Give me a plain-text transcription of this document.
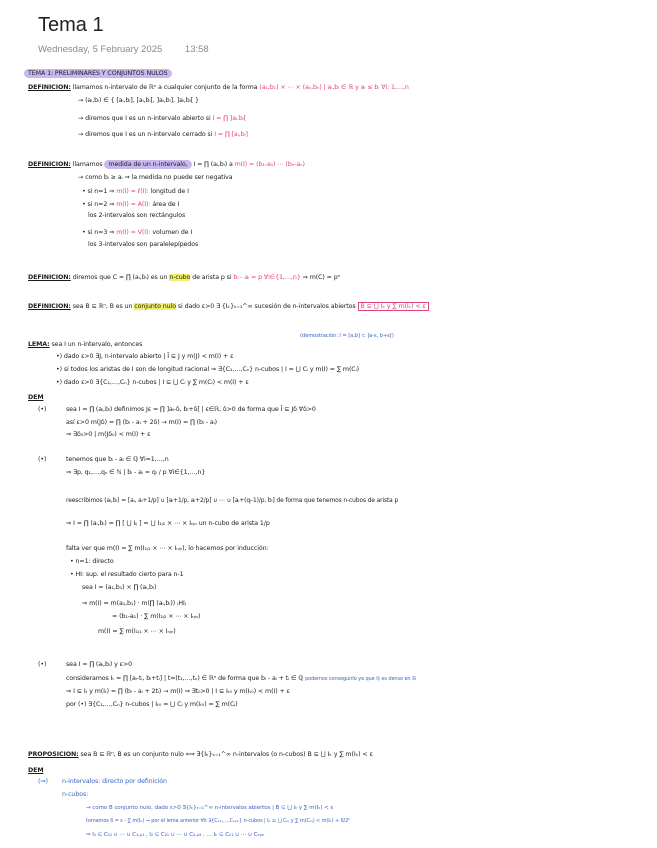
Tema 1
Wednesday, 5 February 2025 13:58
TEMA 1: PRELIMINARES Y CONJUNTOS NULOS
DEFINICION: llamamos n-intervalo de ℝⁿ a cualquier conjunto de la forma (a₁,b₁) × ⋯ × (aₙ,bₙ) | aᵢ,bᵢ ∈ ℝ y aᵢ ≤ bᵢ ∀i: 1,…,n
→ (aᵢ,bᵢ) ∈ { [aᵢ,bᵢ], [aᵢ,bᵢ[, ]aᵢ,bᵢ], ]aᵢ,bᵢ[ }
→ diremos que I es un n-intervalo abierto si I = ∏ ]aᵢ,bᵢ[
→ diremos que I es un n-intervalo cerrado si I = ∏ [aᵢ,bᵢ]
DEFINICION: llamamos medida de un n-intervalo, I = ∏ (aᵢ,bᵢ) a m(I) = (b₁-a₁) ⋯ (bₙ-aₙ)
→ como bᵢ ≥ aᵢ ⇒ la medida no puede ser negativa
• si n=1 ⇒ m(I) = ℓ(I): longitud de I
• si n=2 ⇒ m(I) = A(I): área de I
los 2-intervalos son rectángulos
• si n=3 ⇒ m(I) = V(I): volumen de I
los 3-intervalos son paralelepípedos
DEFINICION: diremos que C = ∏ (aᵢ,bᵢ) es un n-cubo de arista p si bᵢ - aᵢ = p ∀i∈{1,…,n} ⇒ m(C) = pⁿ
DEFINICION: sea B ⊆ ℝⁿ, B es un conjunto nulo si dado ε>0 ∃ {Iₖ}ₖ₌₁^∞ sucesión de n-intervalos abiertos B ⊆ ⋃ Iₖ y ∑ m(Iₖ) < ε
(demostración: I = [a,b] ⊂ ]a-ε, b+ε[)
LEMA: sea I un n-intervalo, entonces
•) dado ε>0 ∃J, n-intervalo abierto | Ī ⊆ J y m(J) < m(I) + ε
•) si todos los aristas de I son de longitud racional ⇒ ∃{C₁,…,Cₙ} n-cubos | I = ⋃ Cᵢ y m(I) = ∑ m(Cᵢ)
•) dado ε>0 ∃{C₁,…,Cₙ} n-cubos | I ⊆ ⋃ Cᵢ y ∑ m(Cᵢ) < m(I) + ε
DEM
(•)	sea I = ∏ (aᵢ,bᵢ) definimos Jε = ∏ ]aᵢ-δ, bᵢ+δ[ | ε∈ℝ, δ>0 de forma que Ī ⊆ Jδ ∀δ>0
así ε>0 m(Jδ) = ∏ (bᵢ - aᵢ + 2δ) → m(I) = ∏ (bᵢ - aᵢ)
⇒ ∃δ₀>0 | m(Jδ₀) < m(I) + ε
(•)	tenemos que bᵢ - aᵢ ∈ ℚ ∀i=1,…,n
⇒ ∃p, q₁,…,qₙ ∈ ℕ | bᵢ - aᵢ = qᵢ / p ∀i∈{1,…,n}
reescribimos (aᵢ,bᵢ) = [aᵢ, aᵢ+1/p] ∪ [aᵢ+1/p, aᵢ+2/p] ∪ ⋯ ∪ [aᵢ+(qᵢ-1)/p, bᵢ] de forma que tenemos n-cubos de arista p
⇒ I = ∏ (aᵢ,bᵢ) = ∏ [ ⋃ Iᵢⱼ ] = ⋃ I₁ⱼ₁ × ⋯ × Iₙⱼₙ un n-cubo de arista 1/p
falta ver que m(I) = ∑ m(I₁ⱼ₁ × ⋯ × Iₙⱼₙ), lo hacemos por inducción:
• n=1: directo
• HI: sup. el resultado cierto para n-1
sea I = (a₁,b₁) × ∏ (aᵢ,bᵢ)
⇒ m(I) = m(a₁,b₁) · m(∏ (aᵢ,bᵢ)) ₍HI₎
= (b₁-a₁) · ∑ m(I₂ⱼ₂ × ⋯ × Iₙⱼₙ)
m(I) = ∑ m(I₁ⱼ₁ × ⋯ × Iₙⱼₙ)
(•)	sea I = ∏ (aᵢ,bᵢ) y ε>0
consideramos Iₜ = ∏ [aᵢ-tᵢ, bᵢ+tᵢ] | t=(t₁,…,tₙ) ∈ ℝⁿ de forma que bᵢ - aᵢ + tᵢ ∈ ℚ podemos conseguirlo ya que ℚ es denso en ℝ
⇒ I ⊆ Iₜ y m(Iₜ) = ∏ (bᵢ - aᵢ + 2tᵢ) → m(I) ⇒ ∃t₀>0 | I ⊆ Iₜ₀ y m(Iₜ₀) < m(I) + ε
por (•) ∃{C₁,…,Cₙ} n-cubos | Iₜ₀ = ⋃ Cⱼ y m(Iₜ₀) = ∑ m(Cⱼ)
PROPOSICION: sea B ⊆ ℝⁿ, B es un conjunto nulo ⟺ ∃{Iₖ}ₖ₌₁^∞ n-intervalos (o n-cubos) B ⊆ ⋃ Iₖ y ∑ m(Iₖ) < ε
DEM
(⇒) n-intervalos: directo por definición
n-cubos:
→ como B conjunto nulo, dado ε>0 ∃{Iₖ}ₖ₌₁^∞ n-intervalos abiertos | B ⊆ ⋃ Iₖ y ∑ m(Iₖ) < ε
tomamos δ = ε - ∑ m(Iₖ) ⇒ por el lema anterior ∀k ∃{Cₖ₁,…,Cₖₚₖ} n-cubos | Iₖ ⊆ ⋃ Cₖⱼ y ∑ m(Cₖⱼ) < m(Iₖ) + δ/2ᵏ
⇒ I₁ ⊆ C₁₁ ∪ ⋯ ∪ C₁,ₚ₁ , I₂ ⊆ C₂₁ ∪ ⋯ ∪ C₂,ₚ₂ , … Iₖ ⊆ Cₖ₁ ∪ ⋯ ∪ Cₖₚₖ
